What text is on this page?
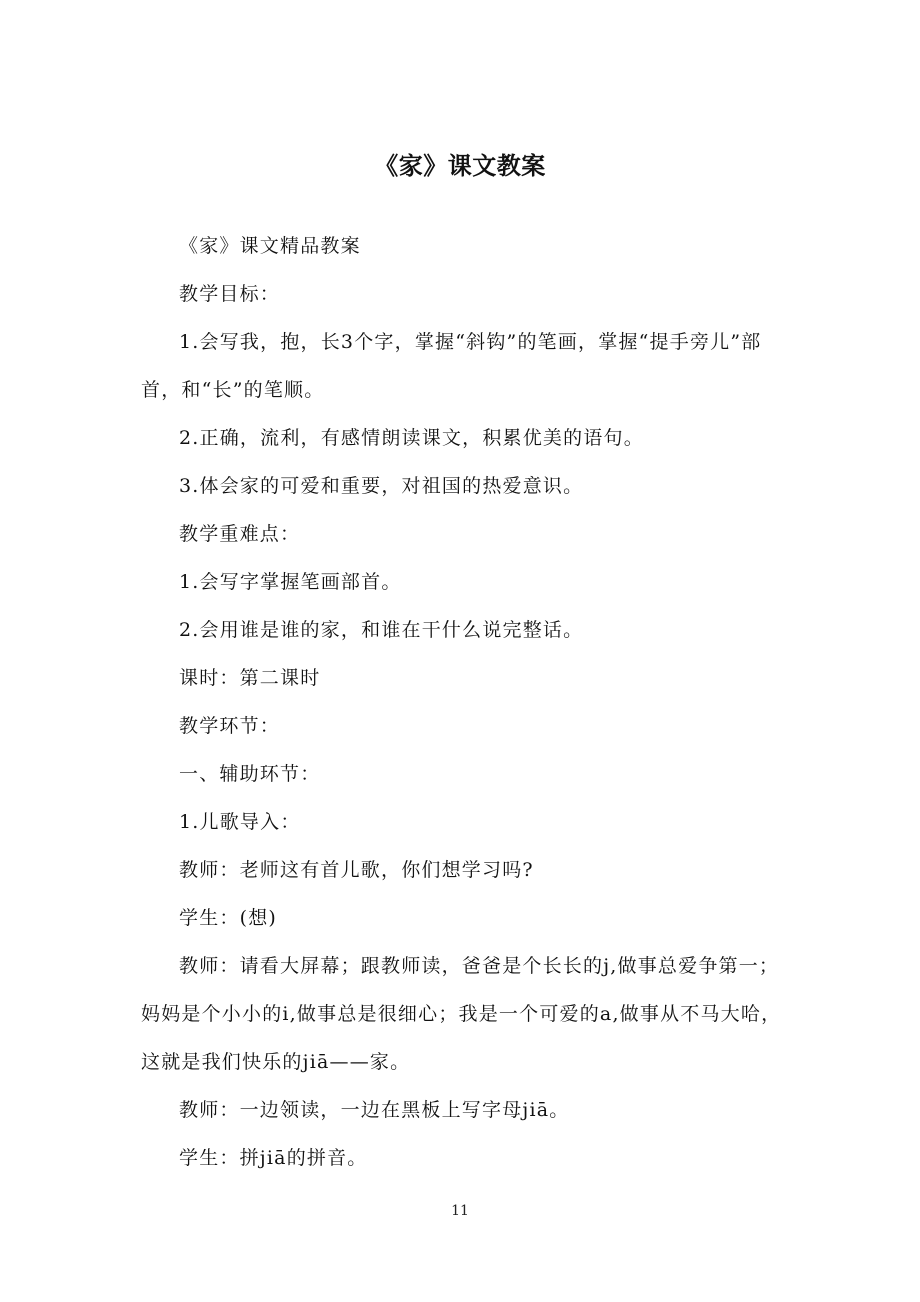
《家》课文教案

《家》课文精品教案

教学目标：

1.会写我，抱，长3个字，掌握“斜钩”的笔画，掌握“提手旁儿”部首，和“长”的笔顺。

2.正确，流利，有感情朗读课文，积累优美的语句。

3.体会家的可爱和重要，对祖国的热爱意识。

教学重难点：

1.会写字掌握笔画部首。

2.会用谁是谁的家，和谁在干什么说完整话。

课时：第二课时

教学环节：

一、辅助环节：

1.儿歌导入：

教师：老师这有首儿歌，你们想学习吗?

学生：(想)

教师：请看大屏幕；跟教师读，爸爸是个长长的j,做事总爱争第一；妈妈是个小小的i,做事总是很细心；我是一个可爱的a,做事从不马大哈，这就是我们快乐的jiā——家。

教师：一边领读，一边在黑板上写字母jiā。

学生：拼jiā的拼音。

11
